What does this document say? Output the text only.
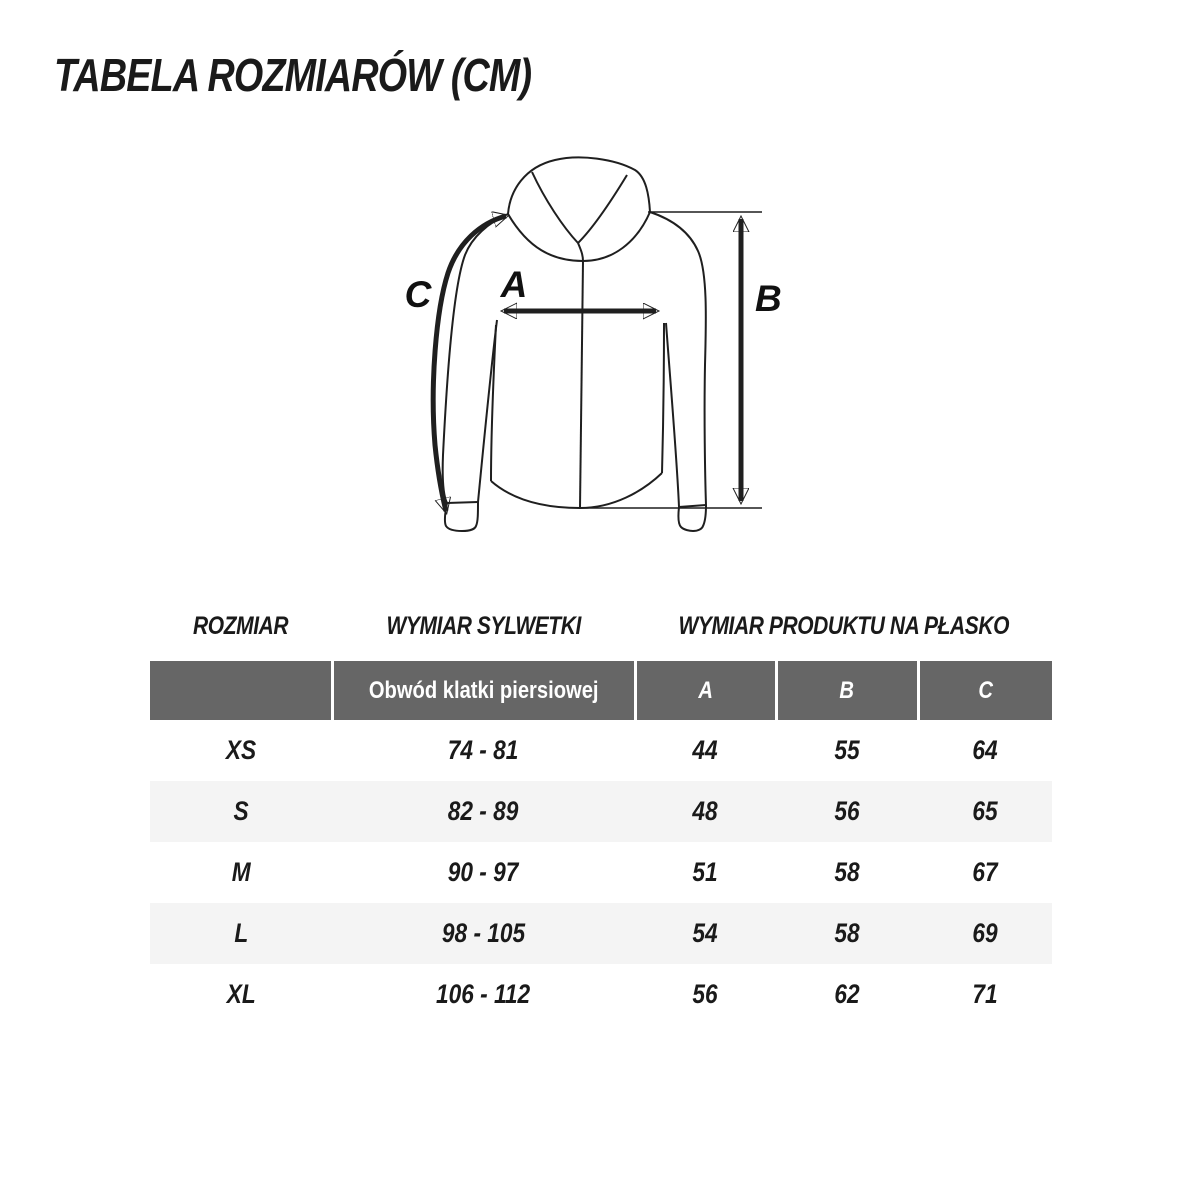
TABELA ROZMIARÓW (CM)
A	B
C
ROZMIAR	WYMIAR SYLWETKI	WYMIAR PRODUKTU NA PŁASKO
	Obwód klatki piersiowej	A	B	C
XS	74 - 81	44	55	64
S	82 - 89	48	56	65
M	90 - 97	51	58	67
L	98 - 105	54	58	69
XL	106 - 112	56	62	71
